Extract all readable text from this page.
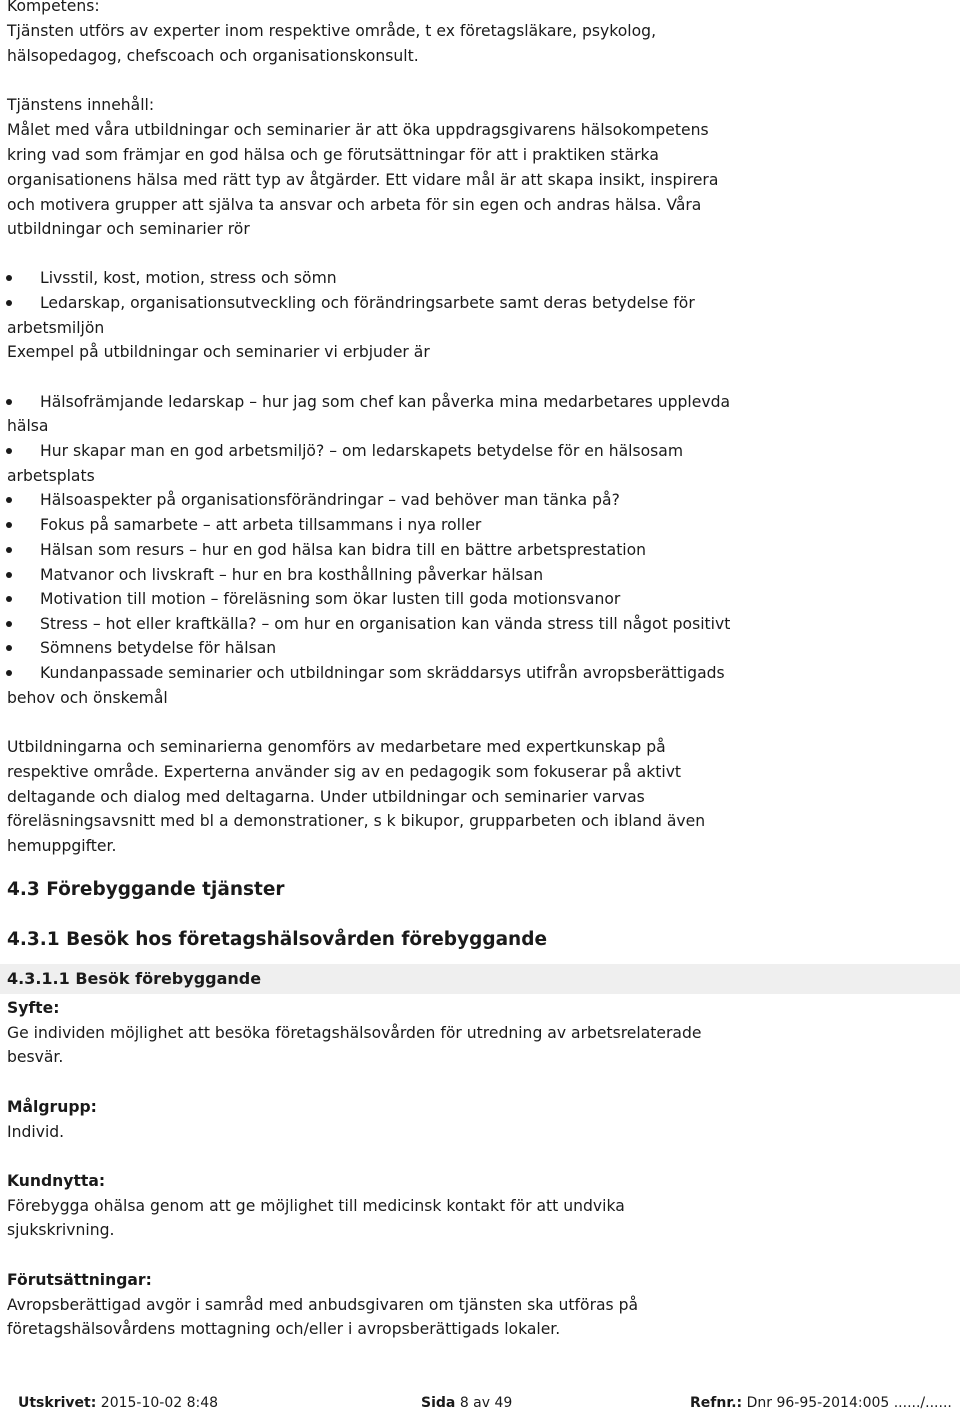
Kompetens:
Tjänsten utförs av experter inom respektive område, t ex företagsläkare, psykolog,
hälsopedagog, chefscoach och organisationskonsult.
Tjänstens innehåll:
Målet med våra utbildningar och seminarier är att öka uppdragsgivarens hälsokompetens
kring vad som främjar en god hälsa och ge förutsättningar för att i praktiken stärka
organisationens hälsa med rätt typ av åtgärder. Ett vidare mål är att skapa insikt, inspirera
och motivera grupper att själva ta ansvar och arbeta för sin egen och andras hälsa. Våra
utbildningar och seminarier rör
Livsstil, kost, motion, stress och sömn
Ledarskap, organisationsutveckling och förändringsarbete samt deras betydelse för
arbetsmiljön
Exempel på utbildningar och seminarier vi erbjuder är
Hälsofrämjande ledarskap – hur jag som chef kan påverka mina medarbetares upplevda
hälsa
Hur skapar man en god arbetsmiljö? – om ledarskapets betydelse för en hälsosam
arbetsplats
Hälsoaspekter på organisationsförändringar – vad behöver man tänka på?
Fokus på samarbete – att arbeta tillsammans i nya roller
Hälsan som resurs – hur en god hälsa kan bidra till en bättre arbetsprestation
Matvanor och livskraft – hur en bra kosthållning påverkar hälsan
Motivation till motion – föreläsning som ökar lusten till goda motionsvanor
Stress – hot eller kraftkälla? – om hur en organisation kan vända stress till något positivt
Sömnens betydelse för hälsan
Kundanpassade seminarier och utbildningar som skräddarsys utifrån avropsberättigads
behov och önskemål
Utbildningarna och seminarierna genomförs av medarbetare med expertkunskap på
respektive område. Experterna använder sig av en pedagogik som fokuserar på aktivt
deltagande och dialog med deltagarna. Under utbildningar och seminarier varvas
föreläsningsavsnitt med bl a demonstrationer, s k bikupor, grupparbeten och ibland även
hemuppgifter.
4.3 Förebyggande tjänster
4.3.1 Besök hos företagshälsovården förebyggande
4.3.1.1 Besök förebyggande
Syfte:
Ge individen möjlighet att besöka företagshälsovården för utredning av arbetsrelaterade
besvär.
Målgrupp:
Individ.
Kundnytta:
Förebygga ohälsa genom att ge möjlighet till medicinsk kontakt för att undvika
sjukskrivning.
Förutsättningar:
Avropsberättigad avgör i samråd med anbudsgivaren om tjänsten ska utföras på
företagshälsovårdens mottagning och/eller i avropsberättigads lokaler.
Utskrivet: 2015-10-02 8:48	Sida 8 av 49	Refnr.: Dnr 96-95-2014:005 ....../......
